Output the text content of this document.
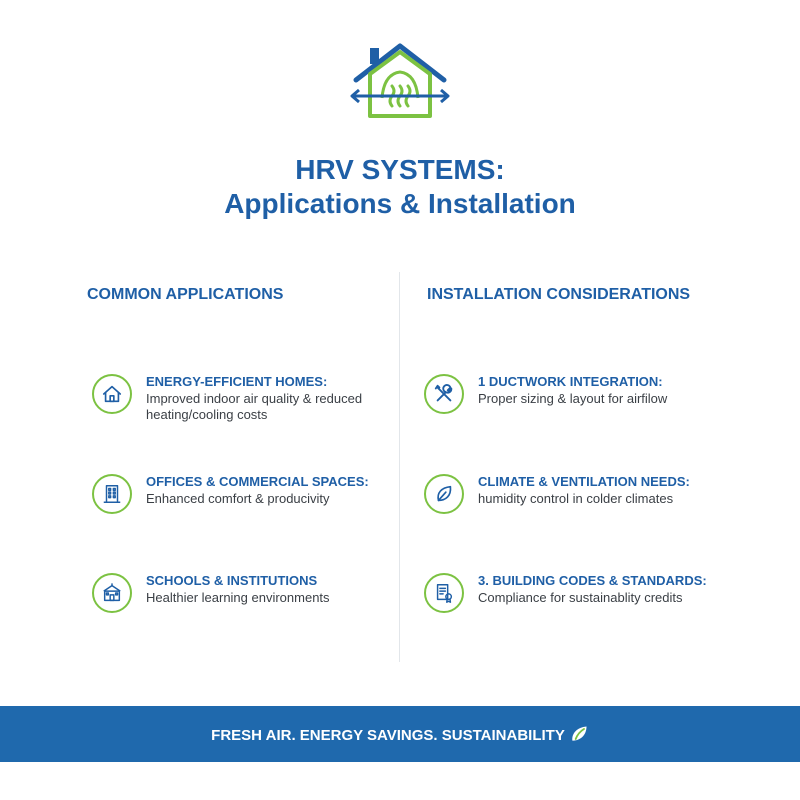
HRV SYSTEMS:
Applications & Installation
COMMON APPLICATIONS
ENERGY-EFFICIENT HOMES:
Improved indoor air quality & reduced heating/cooling costs
OFFICES & COMMERCIAL SPACES:
Enhanced comfort & producivity
SCHOOLS & INSTITUTIONS
Healthier learning environments
INSTALLATION CONSIDERATIONS
1 DUCTWORK INTEGRATION:
Proper sizing & layout for airfilow
CLIMATE & VENTILATION NEEDS:
humidity control in colder climates
3. BUILDING CODES & STANDARDS:
Compliance for sustainablity credits
FRESH AIR. ENERGY SAVINGS. SUSTAINABILITY
